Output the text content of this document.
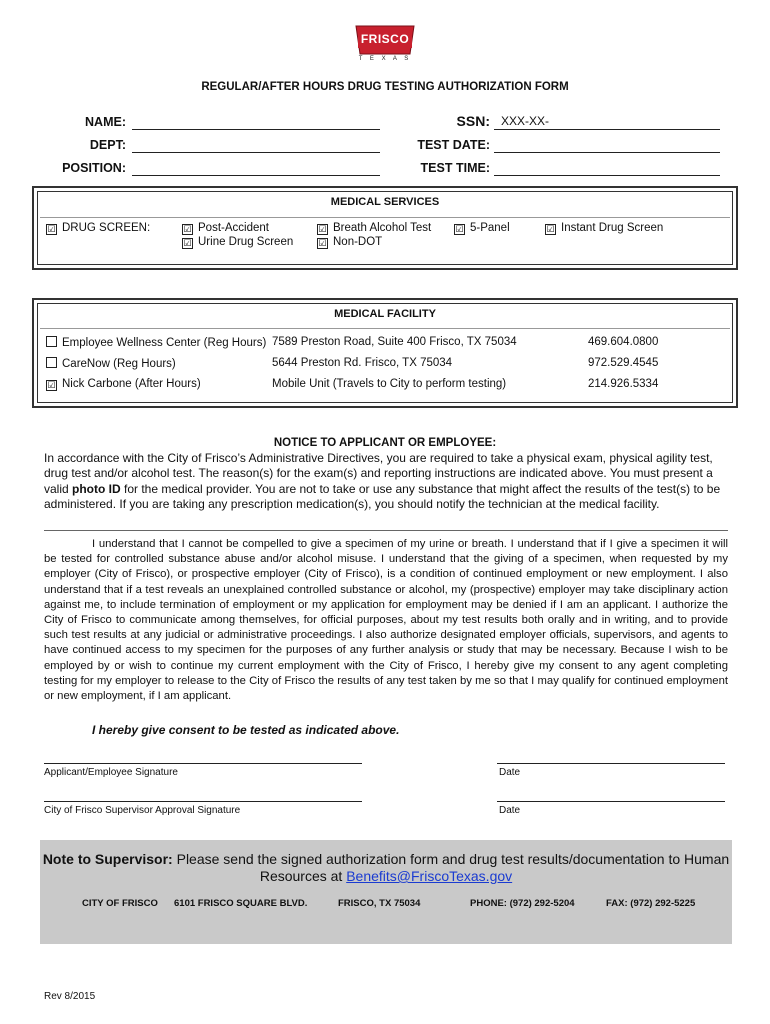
FRISCO
T E X A S
REGULAR/AFTER HOURS DRUG TESTING AUTHORIZATION FORM
NAME:
DEPT:
POSITION:
SSN: XXX-XX-
TEST DATE:
TEST TIME:
MEDICAL SERVICES
☑ DRUG SCREEN:	☑ Post-Accident
☑ Urine Drug Screen
☑ Breath Alcohol Test
☑ Non-DOT
☑ 5-Panel	☑ Instant Drug Screen
MEDICAL FACILITY
Employee Wellness Center (Reg Hours) 7589 Preston Road, Suite 400 Frisco, TX 75034	469.604.0800
CareNow (Reg Hours)	5644 Preston Rd. Frisco, TX 75034	972.529.4545
☑ Nick Carbone (After Hours)	Mobile Unit (Travels to City to perform testing)	214.926.5334
NOTICE TO APPLICANT OR EMPLOYEE:
In accordance with the City of Frisco’s Administrative Directives, you are required to take a physical exam, physical agility test, drug test and/or alcohol test. The reason(s) for the exam(s) and reporting instructions are indicated above. You must present a valid photo ID for the medical provider. You are not to take or use any substance that might affect the results of the test(s) to be administered. If you are taking any prescription medication(s), you should notify the technician at the medical facility.
I understand that I cannot be compelled to give a specimen of my urine or breath. I understand that if I give a specimen it will be tested for controlled substance abuse and/or alcohol misuse. I understand that the giving of a specimen, when requested by my employer (City of Frisco), or prospective employer (City of Frisco), is a condition of continued employment or new employment. I also understand that if a test reveals an unexplained controlled substance or alcohol, my (prospective) employer may take disciplinary action against me, to include termination of employment or my application for employment may be denied if I am an applicant. I authorize the City of Frisco to communicate among themselves, for official purposes, about my test results both orally and in writing, and to provide such test results at any judicial or administrative proceedings. I also authorize designated employer officials, supervisors, and agents to have continued access to my specimen for the purposes of any further analysis or study that may be necessary. Because I wish to be employed by or wish to continue my current employment with the City of Frisco, I hereby give my consent to any agent completing testing for my employer to release to the City of Frisco the results of any test taken by me so that I may qualify for continued employment or new employment, if I am applicant.
I hereby give consent to be tested as indicated above.
Applicant/Employee Signature	Date
City of Frisco Supervisor Approval Signature	Date
Note to Supervisor: Please send the signed authorization form and drug test results/documentation to Human Resources at Benefits@FriscoTexas.gov
CITY OF FRISCO 6101 FRISCO SQUARE BLVD.	FRISCO, TX 75034	PHONE: (972) 292-5204	FAX: (972) 292-5225
Rev 8/2015
